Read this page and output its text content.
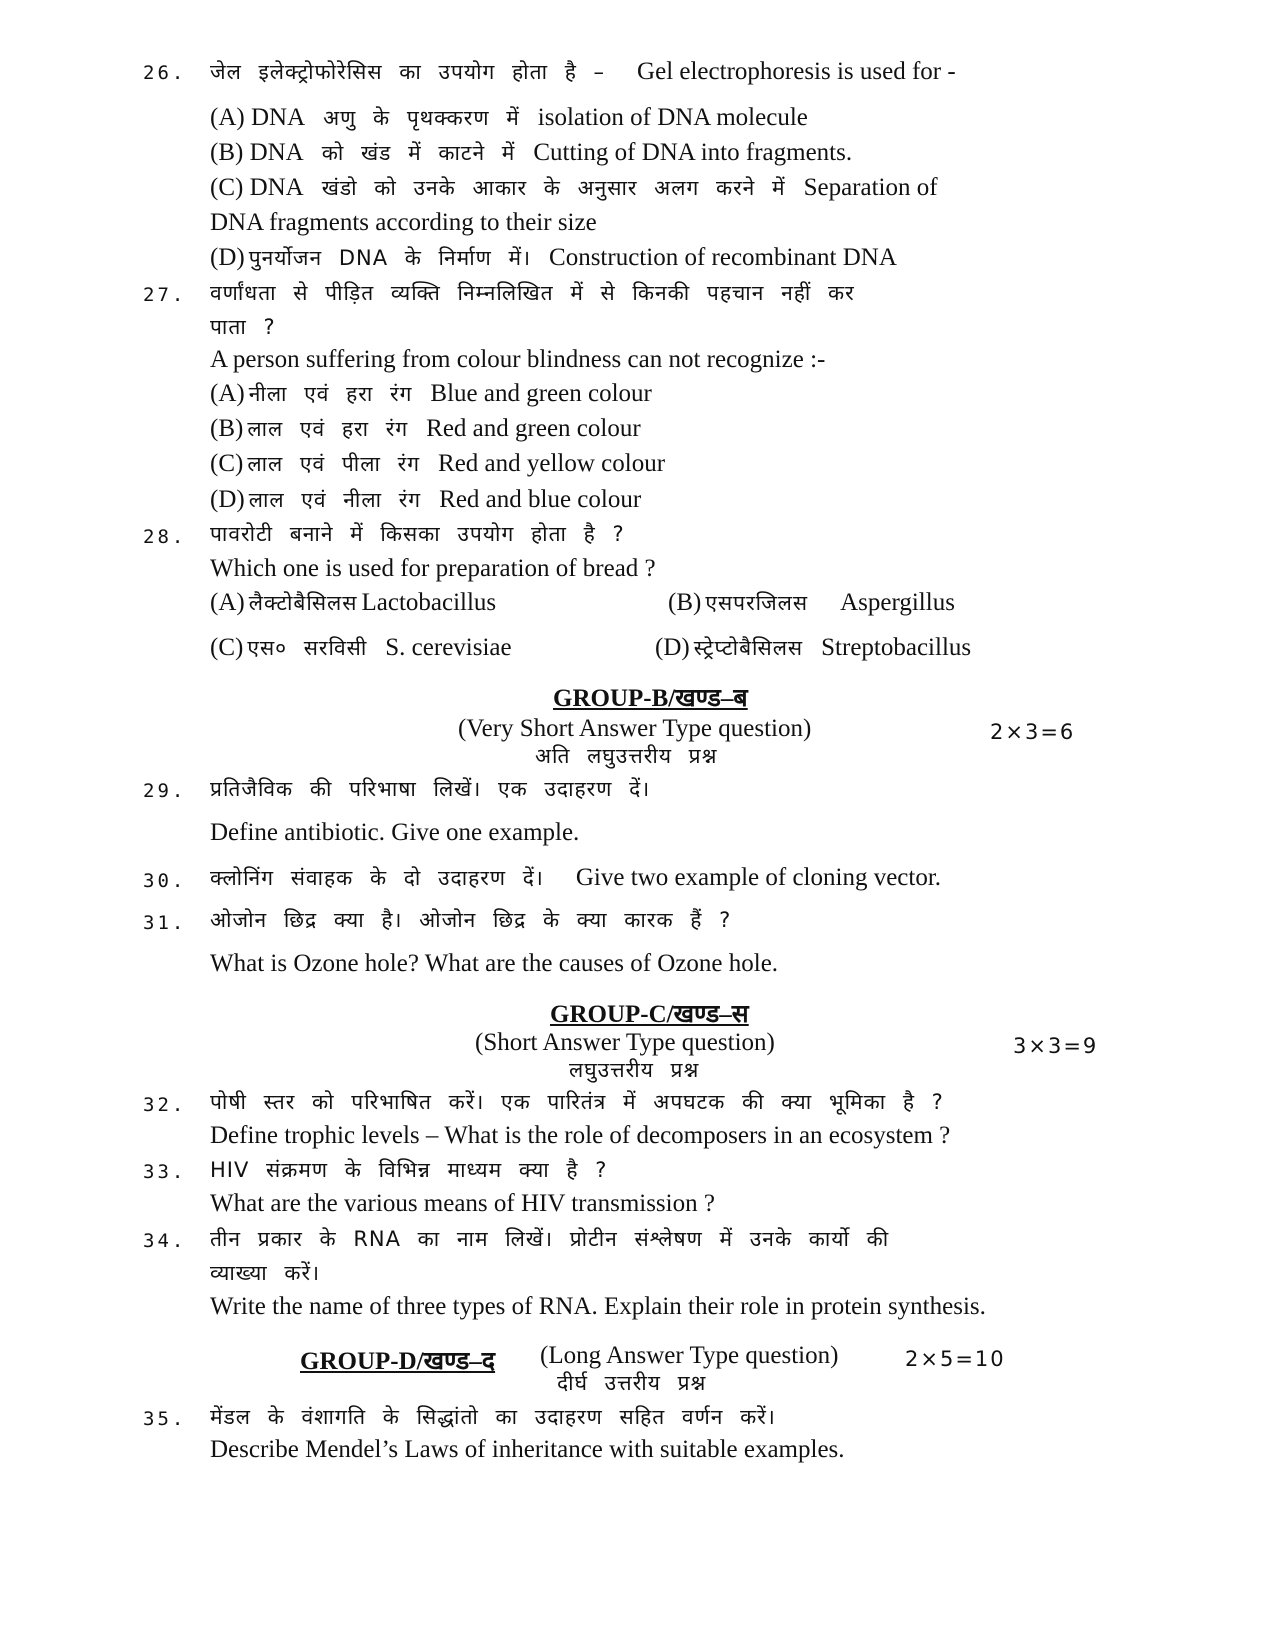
26. जेल इलेक्ट्रोफोरेसिस का उपयोग होता है – Gel electrophoresis is used for -
(A) DNA अणु के पृथक्करण में isolation of DNA molecule
(B) DNA को खंड में काटने में Cutting of DNA into fragments.
(C) DNA खंडो को उनके आकार के अनुसार अलग करने में Separation of
DNA fragments according to their size
(D) पुनर्योजन DNA के निर्माण में। Construction of recombinant DNA
27. वर्णांधता से पीड़ित व्यक्ति निम्नलिखित में से किनकी पहचान नहीं कर
पाता ?
A person suffering from colour blindness can not recognize :-
(A) नीला एवं हरा रंग Blue and green colour
(B) लाल एवं हरा रंग Red and green colour
(C) लाल एवं पीला रंग Red and yellow colour
(D) लाल एवं नीला रंग Red and blue colour
28. पावरोटी बनाने में किसका उपयोग होता है ?
Which one is used for preparation of bread ?
(A) लैक्टोबैसिलस Lactobacillus	(B) एसपरजिलस Aspergillus
(C) एस० सरविसी S. cerevisiae	(D) स्ट्रेप्टोबैसिलस Streptobacillus
GROUP-B/खण्ड–ब
(Very Short Answer Type question)	2×3=6
अति लघुउत्तरीय प्रश्न
29. प्रतिजैविक की परिभाषा लिखें। एक उदाहरण दें।
Define antibiotic. Give one example.
30. क्लोनिंग संवाहक के दो उदाहरण दें। Give two example of cloning vector.
31. ओजोन छिद्र क्या है। ओजोन छिद्र के क्या कारक हैं ?
What is Ozone hole? What are the causes of Ozone hole.
GROUP-C/खण्ड–स
(Short Answer Type question)	3×3=9
लघुउत्तरीय प्रश्न
32. पोषी स्तर को परिभाषित करें। एक पारितंत्र में अपघटक की क्या भूमिका है ?
Define trophic levels – What is the role of decomposers in an ecosystem ?
33. HIV संक्रमण के विभिन्न माध्यम क्या है ?
What are the various means of HIV transmission ?
34. तीन प्रकार के RNA का नाम लिखें। प्रोटीन संश्लेषण में उनके कार्यो की
व्याख्या करें।
Write the name of three types of RNA. Explain their role in protein synthesis.
GROUP-D/खण्ड–द (Long Answer Type question)	2×5=10
दीर्घ उत्तरीय प्रश्न
35. मेंडल के वंशागति के सिद्धांतो का उदाहरण सहित वर्णन करें।
Describe Mendel’s Laws of inheritance with suitable examples.
